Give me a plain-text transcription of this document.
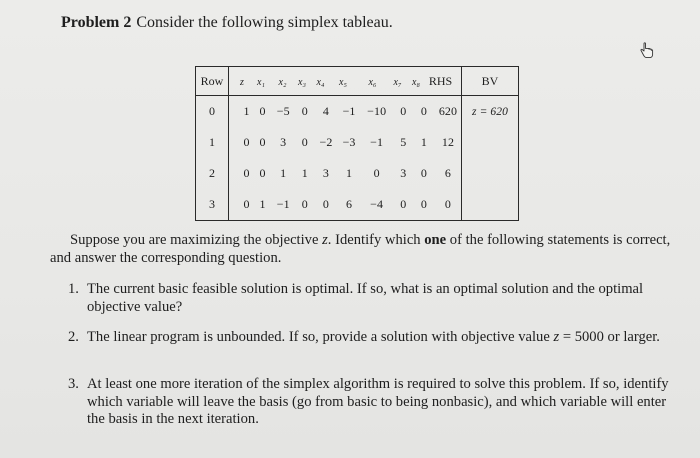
Problem 2 Consider the following simplex tableau.
Row	z x₁ x₂ x₃ x₄ x₅ x₆ x₇ x₈ RHS	BV
0	1 0 −5 0 4 −1 −10 0 0 620	z = 620
1	0 0 3 0 −2 −3 −1 5 1 12	
2	0 0 1 1 3 1 0 3 0 6	
3	0 1 −1 0 0 6 −4 0 0 0	
Suppose you are maximizing the objective z. Identify which one of the following statements is correct, and answer the corresponding question.
1. The current basic feasible solution is optimal. If so, what is an optimal solution and the optimal objective value?
2. The linear program is unbounded. If so, provide a solution with objective value z = 5000 or larger.
3. At least one more iteration of the simplex algorithm is required to solve this problem. If so, identify which variable will leave the basis (go from basic to being nonbasic), and which variable will enter the basis in the next iteration.
